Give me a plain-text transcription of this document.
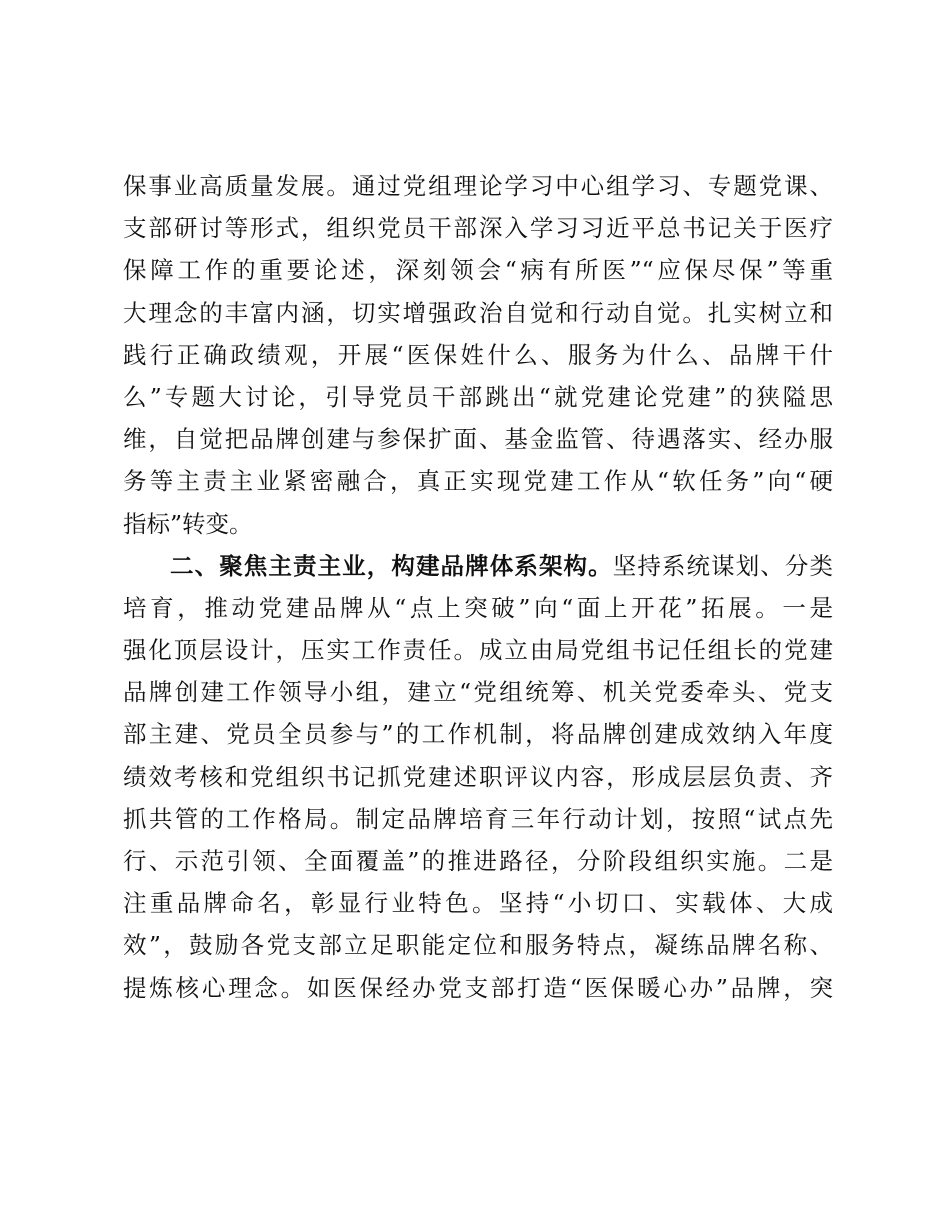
保事业高质量发展。通过党组理论学习中心组学习、专题党课、
支部研讨等形式，组织党员干部深入学习习近平总书记关于医疗
保障工作的重要论述，深刻领会“病有所医”“应保尽保”等重
大理念的丰富内涵，切实增强政治自觉和行动自觉。扎实树立和
践行正确政绩观，开展“医保姓什么、服务为什么、品牌干什
么”专题大讨论，引导党员干部跳出“就党建论党建”的狭隘思
维，自觉把品牌创建与参保扩面、基金监管、待遇落实、经办服
务等主责主业紧密融合，真正实现党建工作从“软任务”向“硬
指标”转变。
二、聚焦主责主业，构建品牌体系架构。坚持系统谋划、分类
培育，推动党建品牌从“点上突破”向“面上开花”拓展。一是
强化顶层设计，压实工作责任。成立由局党组书记任组长的党建
品牌创建工作领导小组，建立“党组统筹、机关党委牵头、党支
部主建、党员全员参与”的工作机制，将品牌创建成效纳入年度
绩效考核和党组织书记抓党建述职评议内容，形成层层负责、齐
抓共管的工作格局。制定品牌培育三年行动计划，按照“试点先
行、示范引领、全面覆盖”的推进路径，分阶段组织实施。二是
注重品牌命名，彰显行业特色。坚持“小切口、实载体、大成
效”，鼓励各党支部立足职能定位和服务特点，凝练品牌名称、
提炼核心理念。如医保经办党支部打造“医保暖心办”品牌，突
